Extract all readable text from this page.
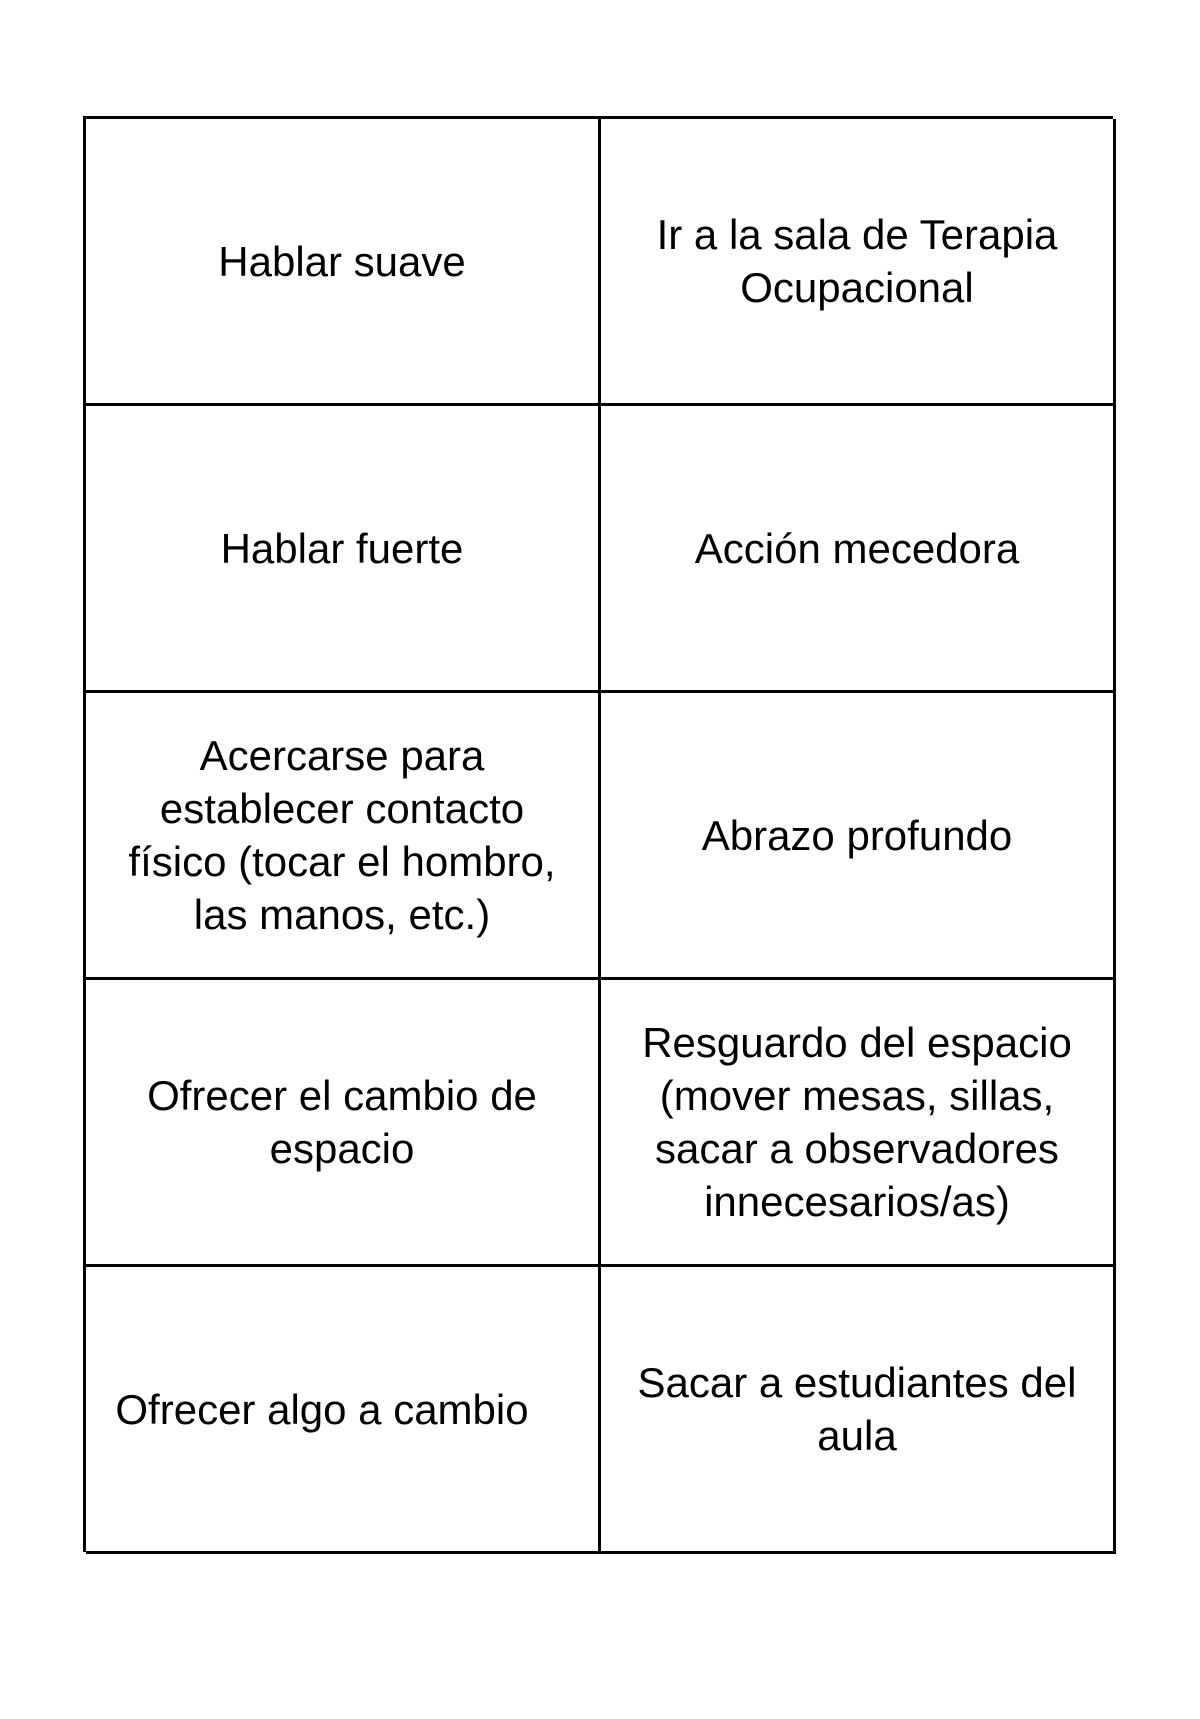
Hablar suave
Ir a la sala de Terapia
Ocupacional
Hablar fuerte	Acción mecedora
Acercarse para
establecer contacto
físico (tocar el hombro,
las manos, etc.)
Abrazo profundo
Ofrecer el cambio de
espacio
Resguardo del espacio
(mover mesas, sillas,
sacar a observadores
innecesarios/as)
Ofrecer algo a cambio
Sacar a estudiantes del
aula
